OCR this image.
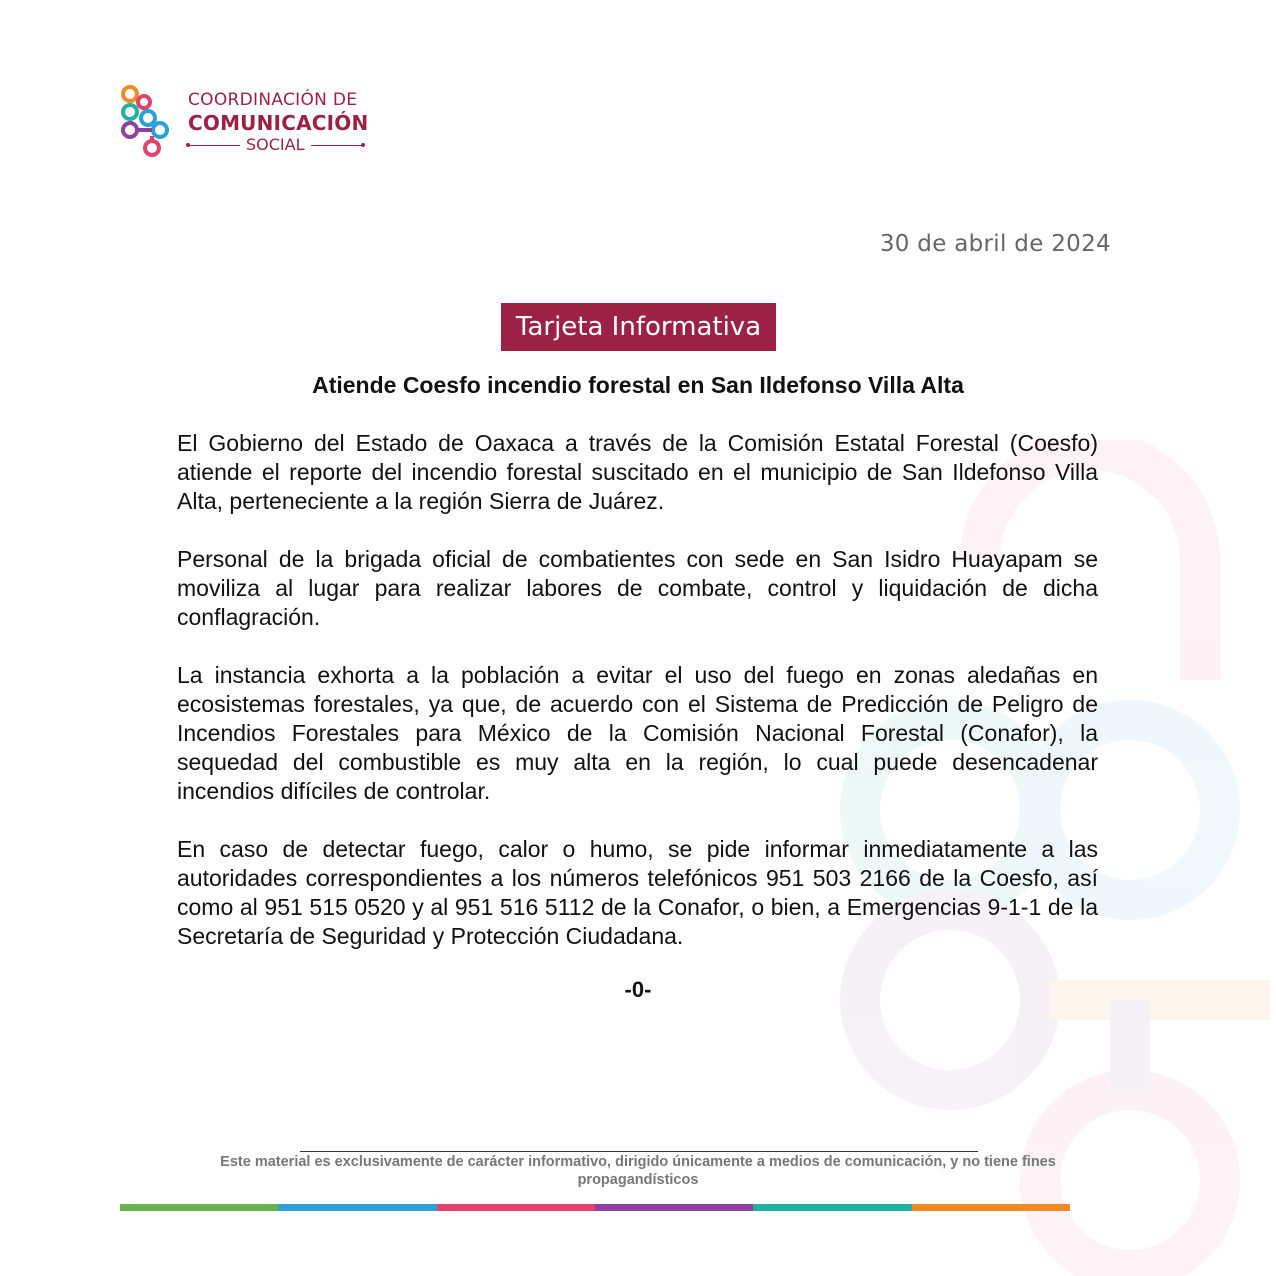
COORDINACIÓN DE
COMUNICACIÓN
SOCIAL
30 de abril de 2024
Tarjeta Informativa
Atiende Coesfo incendio forestal en San Ildefonso Villa Alta

El Gobierno del Estado de Oaxaca a través de la Comisión Estatal Forestal (Coesfo) atiende el reporte del incendio forestal suscitado en el municipio de San Ildefonso Villa Alta, perteneciente a la región Sierra de Juárez.

Personal de la brigada oficial de combatientes con sede en San Isidro Huayapam se moviliza al lugar para realizar labores de combate, control y liquidación de dicha conflagración.

La instancia exhorta a la población a evitar el uso del fuego en zonas aledañas en ecosistemas forestales, ya que, de acuerdo con el Sistema de Predicción de Peligro de Incendios Forestales para México de la Comisión Nacional Forestal (Conafor), la sequedad del combustible es muy alta en la región, lo cual puede desencadenar incendios difíciles de controlar.

En caso de detectar fuego, calor o humo, se pide informar inmediatamente a las autoridades correspondientes a los números telefónicos 951 503 2166 de la Coesfo, así como al 951 515 0520 y al 951 516 5112 de la Conafor, o bien, a Emergencias 9-1-1 de la Secretaría de Seguridad y Protección Ciudadana.

-0-
Este material es exclusivamente de carácter informativo, dirigido únicamente a medios de comunicación, y no tiene fines propagandísticos
